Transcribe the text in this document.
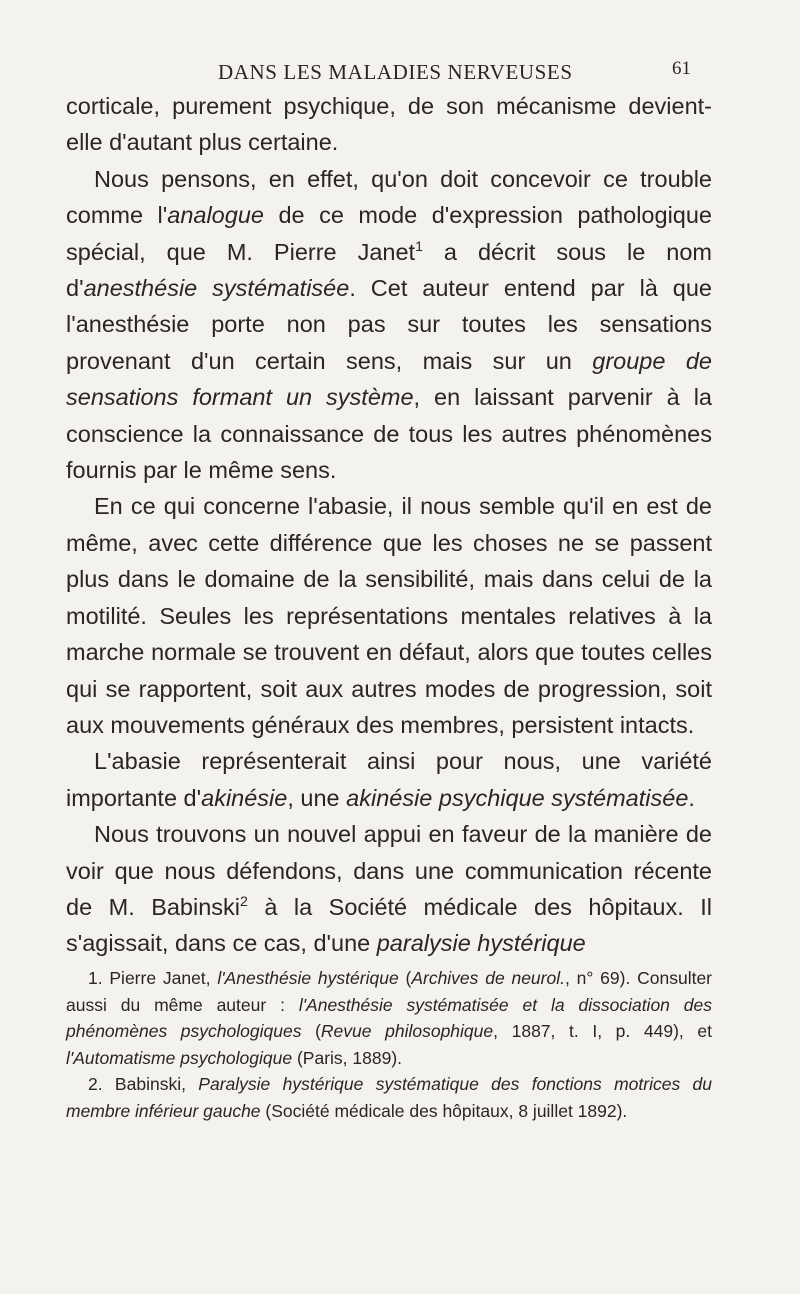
DANS LES MALADIES NERVEUSES	61

corticale, purement psychique, de son mécanisme devient-elle d'autant plus certaine.

Nous pensons, en effet, qu'on doit concevoir ce trouble comme l'analogue de ce mode d'expression pathologique spécial, que M. Pierre Janet$^1$ a décrit sous le nom d'anesthésie systématisée. Cet auteur entend par là que l'anesthésie porte non pas sur toutes les sensations provenant d'un certain sens, mais sur un groupe de sensations formant un système, en laissant parvenir à la conscience la connaissance de tous les autres phénomènes fournis par le même sens.

En ce qui concerne l'abasie, il nous semble qu'il en est de même, avec cette différence que les choses ne se passent plus dans le domaine de la sensibilité, mais dans celui de la motilité. Seules les représentations mentales relatives à la marche normale se trouvent en défaut, alors que toutes celles qui se rapportent, soit aux autres modes de progression, soit aux mouvements généraux des membres, persistent intacts.

L'abasie représenterait ainsi pour nous, une variété importante d'akinésie, une akinésie psychique systématisée.

Nous trouvons un nouvel appui en faveur de la manière de voir que nous défendons, dans une communication récente de M. Babinski$^2$ à la Société médicale des hôpitaux. Il s'agissait, dans ce cas, d'une paralysie hystérique

1. Pierre Janet, l'Anesthésie hystérique (Archives de neurol., n° 69). Consulter aussi du même auteur : l'Anesthésie systématisée et la dissociation des phénomènes psychologiques (Revue philosophique, 1887, t. I, p. 449), et l'Automatisme psychologique (Paris, 1889).

2. Babinski, Paralysie hystérique systématique des fonctions motrices du membre inférieur gauche (Société médicale des hôpitaux, 8 juillet 1892).
